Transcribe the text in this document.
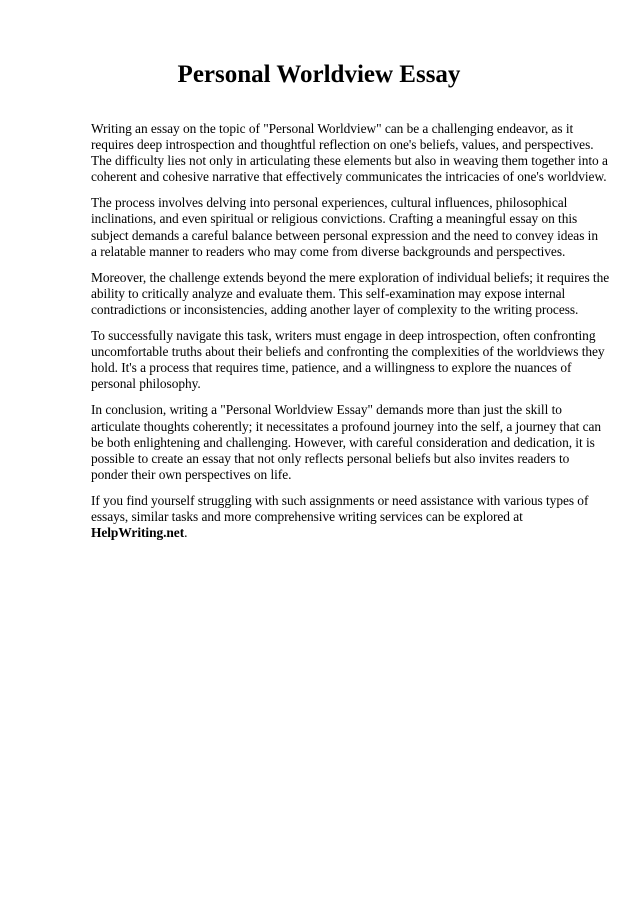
Personal Worldview Essay

Writing an essay on the topic of "Personal Worldview" can be a challenging endeavor, as it
requires deep introspection and thoughtful reflection on one's beliefs, values, and perspectives.
The difficulty lies not only in articulating these elements but also in weaving them together into a
coherent and cohesive narrative that effectively communicates the intricacies of one's worldview.

The process involves delving into personal experiences, cultural influences, philosophical
inclinations, and even spiritual or religious convictions. Crafting a meaningful essay on this
subject demands a careful balance between personal expression and the need to convey ideas in
a relatable manner to readers who may come from diverse backgrounds and perspectives.

Moreover, the challenge extends beyond the mere exploration of individual beliefs; it requires the
ability to critically analyze and evaluate them. This self-examination may expose internal
contradictions or inconsistencies, adding another layer of complexity to the writing process.

To successfully navigate this task, writers must engage in deep introspection, often confronting
uncomfortable truths about their beliefs and confronting the complexities of the worldviews they
hold. It's a process that requires time, patience, and a willingness to explore the nuances of
personal philosophy.

In conclusion, writing a "Personal Worldview Essay" demands more than just the skill to
articulate thoughts coherently; it necessitates a profound journey into the self, a journey that can
be both enlightening and challenging. However, with careful consideration and dedication, it is
possible to create an essay that not only reflects personal beliefs but also invites readers to
ponder their own perspectives on life.

If you find yourself struggling with such assignments or need assistance with various types of
essays, similar tasks and more comprehensive writing services can be explored at
HelpWriting.net.
